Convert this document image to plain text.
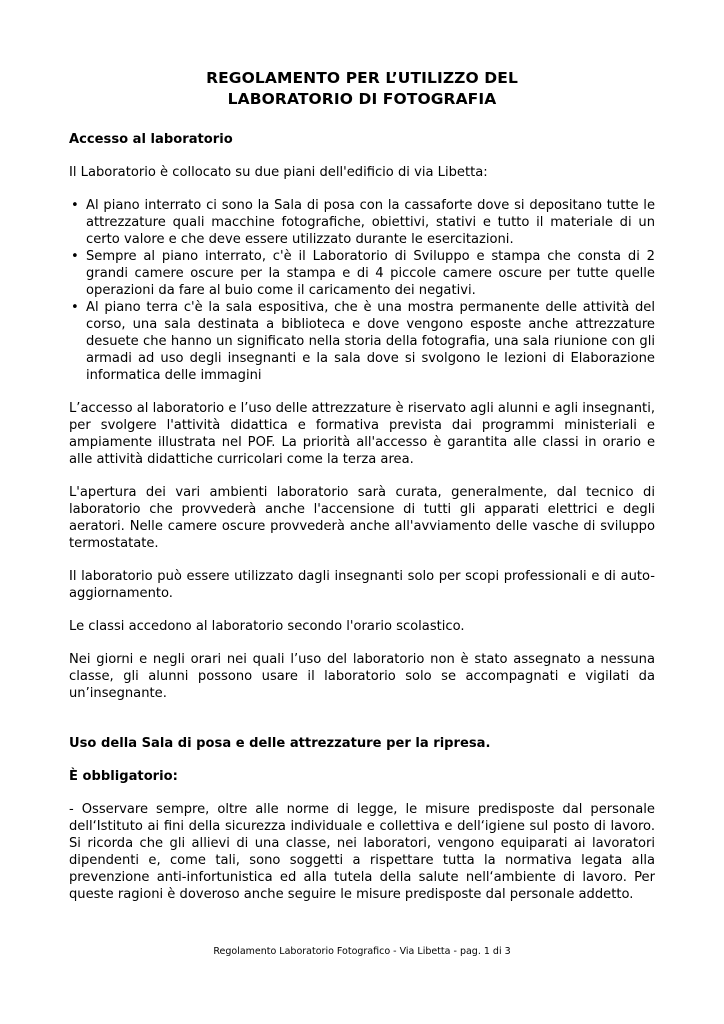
REGOLAMENTO PER L’UTILIZZO DEL
LABORATORIO DI FOTOGRAFIA

Accesso al laboratorio

Il Laboratorio è collocato su due piani dell'edificio di via Libetta:

• Al piano interrato ci sono la Sala di posa con la cassaforte dove si depositano tutte le attrezzature quali macchine fotografiche, obiettivi, stativi e tutto il materiale di un certo valore e che deve essere utilizzato durante le esercitazioni.
• Sempre al piano interrato, c'è il Laboratorio di Sviluppo e stampa che consta di 2 grandi camere oscure per la stampa e di 4 piccole camere oscure per tutte quelle operazioni da fare al buio come il caricamento dei negativi.
• Al piano terra c'è la sala espositiva, che è una mostra permanente delle attività del corso, una sala destinata a biblioteca e dove vengono esposte anche attrezzature desuete che hanno un significato nella storia della fotografia, una sala riunione con gli armadi ad uso degli insegnanti e la sala dove si svolgono le lezioni di Elaborazione informatica delle immagini

L’accesso al laboratorio e l’uso delle attrezzature è riservato agli alunni e agli insegnanti, per svolgere l'attività didattica e formativa prevista dai programmi ministeriali e ampiamente illustrata nel POF. La priorità all'accesso è garantita alle classi in orario e alle attività didattiche curricolari come la terza area.

L'apertura dei vari ambienti laboratorio sarà curata, generalmente, dal tecnico di laboratorio che provvederà anche l'accensione di tutti gli apparati elettrici e degli aeratori. Nelle camere oscure provvederà anche all'avviamento delle vasche di sviluppo termostatate.

Il laboratorio può essere utilizzato dagli insegnanti solo per scopi professionali e di auto-aggiornamento.

Le classi accedono al laboratorio secondo l'orario scolastico.

Nei giorni e negli orari nei quali l’uso del laboratorio non è stato assegnato a nessuna classe, gli alunni possono usare il laboratorio solo se accompagnati e vigilati da un’insegnante.

Uso della Sala di posa e delle attrezzature per la ripresa.

È obbligatorio:

- Osservare sempre, oltre alle norme di legge, le misure predisposte dal personale dell‘Istituto ai fini della sicurezza individuale e collettiva e dell‘igiene sul posto di lavoro. Si ricorda che gli allievi di una classe, nei laboratori, vengono equiparati ai lavoratori dipendenti e, come tali, sono soggetti a rispettare tutta la normativa legata alla prevenzione anti-infortunistica ed alla tutela della salute nell‘ambiente di lavoro. Per queste ragioni è doveroso anche seguire le misure predisposte dal personale addetto.

Regolamento Laboratorio Fotografico - Via Libetta - pag. 1 di 3
